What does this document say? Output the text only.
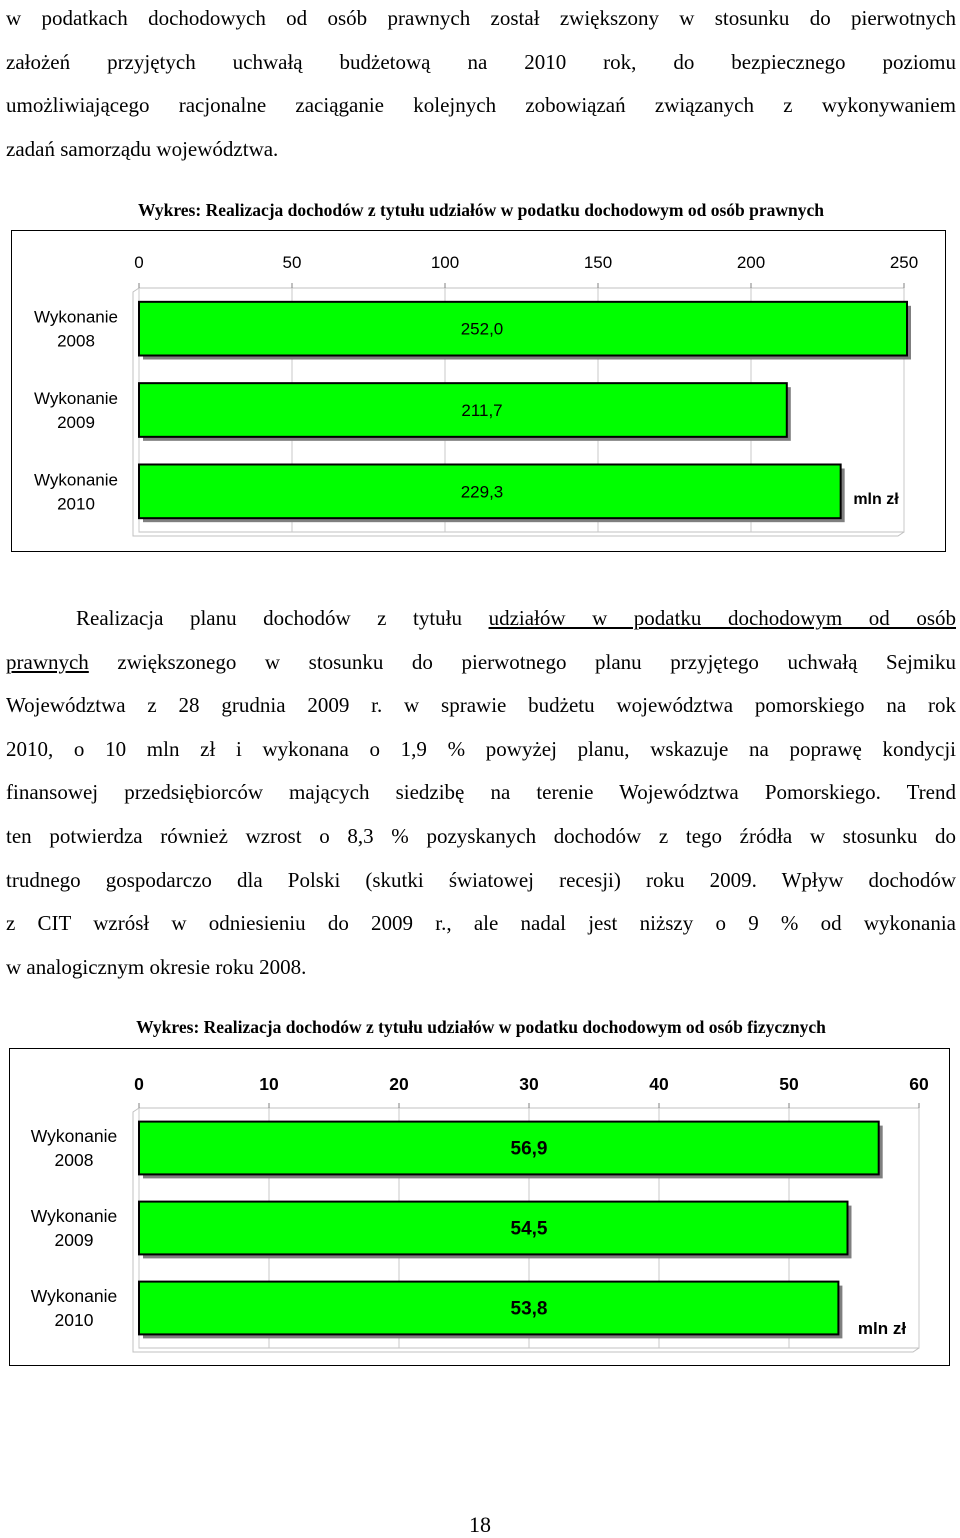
w podatkach dochodowych od osób prawnych został zwiększony w stosunku do pierwotnych
założeń przyjętych uchwałą budżetową na 2010 rok, do bezpiecznego poziomu
umożliwiającego racjonalne zaciąganie kolejnych zobowiązań związanych z wykonywaniem
zadań samorządu województwa.
Wykres: Realizacja dochodów z tytułu udziałów w podatku dochodowym od osób prawnych
0	50	100	150	200	250
252,0
Wykonanie
2008
211,7
Wykonanie
2009
229,3
Wykonanie
2010	mln zł
Realizacja planu dochodów z tytułu udziałów w podatku dochodowym od osób
prawnych zwiększonego w stosunku do pierwotnego planu przyjętego uchwałą Sejmiku
Województwa z 28 grudnia 2009 r. w sprawie budżetu województwa pomorskiego na rok
2010, o 10 mln zł i wykonana o 1,9 % powyżej planu, wskazuje na poprawę kondycji
finansowej przedsiębiorców mających siedzibę na terenie Województwa Pomorskiego. Trend
ten potwierdza również wzrost o 8,3 % pozyskanych dochodów z tego źródła w stosunku do
trudnego gospodarczo dla Polski (skutki światowej recesji) roku 2009. Wpływ dochodów
z CIT wzrósł w odniesieniu do 2009 r., ale nadal jest niższy o 9 % od wykonania
w analogicznym okresie roku 2008.
Wykres: Realizacja dochodów z tytułu udziałów w podatku dochodowym od osób fizycznych
0	10	20	30	40	50	60
56,9
Wykonanie
2008
54,5
Wykonanie
2009
53,8
Wykonanie
2010	mln zł
18
